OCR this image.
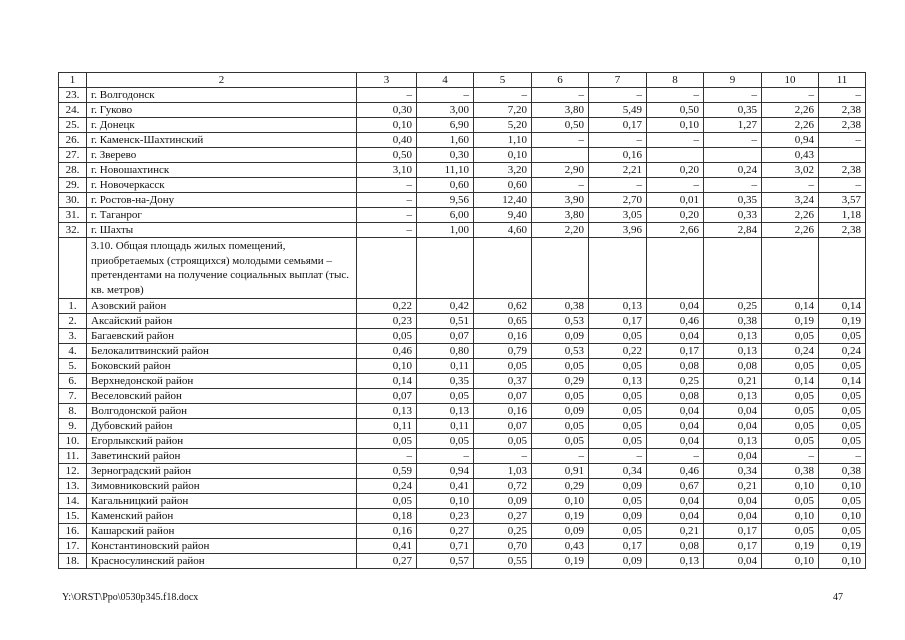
1	2	3	4	5	6	7	8	9	10	11
23.	г. Волгодонск	–	–	–	–	–	–	–	–	–
24.	г. Гуково	0,30	3,00	7,20	3,80	5,49	0,50	0,35	2,26	2,38
25.	г. Донецк	0,10	6,90	5,20	0,50	0,17	0,10	1,27	2,26	2,38
26.	г. Каменск-Шахтинский	0,40	1,60	1,10	–	–	–	–	0,94	–
27.	г. Зверево	0,50	0,30	0,10		0,16			0,43	
28.	г. Новошахтинск	3,10	11,10	3,20	2,90	2,21	0,20	0,24	3,02	2,38
29.	г. Новочеркасск	–	0,60	0,60	–	–	–	–	–	–
30.	г. Ростов-на-Дону	–	9,56	12,40	3,90	2,70	0,01	0,35	3,24	3,57
31.	г. Таганрог	–	6,00	9,40	3,80	3,05	0,20	0,33	2,26	1,18
32.	г. Шахты	–	1,00	4,60	2,20	3,96	2,66	2,84	2,26	2,38
	3.10. Общая площадь жилых помещений, приобретаемых (строящихся) молодыми семьями – претендентами на получение социальных выплат (тыс. кв. метров)									
1.	Азовский район	0,22	0,42	0,62	0,38	0,13	0,04	0,25	0,14	0,14
2.	Аксайский район	0,23	0,51	0,65	0,53	0,17	0,46	0,38	0,19	0,19
3.	Багаевский район	0,05	0,07	0,16	0,09	0,05	0,04	0,13	0,05	0,05
4.	Белокалитвинский район	0,46	0,80	0,79	0,53	0,22	0,17	0,13	0,24	0,24
5.	Боковский район	0,10	0,11	0,05	0,05	0,05	0,08	0,08	0,05	0,05
6.	Верхнедонской район	0,14	0,35	0,37	0,29	0,13	0,25	0,21	0,14	0,14
7.	Веселовский район	0,07	0,05	0,07	0,05	0,05	0,08	0,13	0,05	0,05
8.	Волгодонской район	0,13	0,13	0,16	0,09	0,05	0,04	0,04	0,05	0,05
9.	Дубовский район	0,11	0,11	0,07	0,05	0,05	0,04	0,04	0,05	0,05
10.	Егорлыкский район	0,05	0,05	0,05	0,05	0,05	0,04	0,13	0,05	0,05
11.	Заветинский район	–	–	–	–	–	–	0,04	–	–
12.	Зерноградский район	0,59	0,94	1,03	0,91	0,34	0,46	0,34	0,38	0,38
13.	Зимовниковский район	0,24	0,41	0,72	0,29	0,09	0,67	0,21	0,10	0,10
14.	Кагальницкий район	0,05	0,10	0,09	0,10	0,05	0,04	0,04	0,05	0,05
15.	Каменский район	0,18	0,23	0,27	0,19	0,09	0,04	0,04	0,10	0,10
16.	Кашарский район	0,16	0,27	0,25	0,09	0,05	0,21	0,17	0,05	0,05
17.	Константиновский район	0,41	0,71	0,70	0,43	0,17	0,08	0,17	0,19	0,19
18.	Красносулинский район	0,27	0,57	0,55	0,19	0,09	0,13	0,04	0,10	0,10
Y:\ORST\Ppo\0530p345.f18.docx	47
